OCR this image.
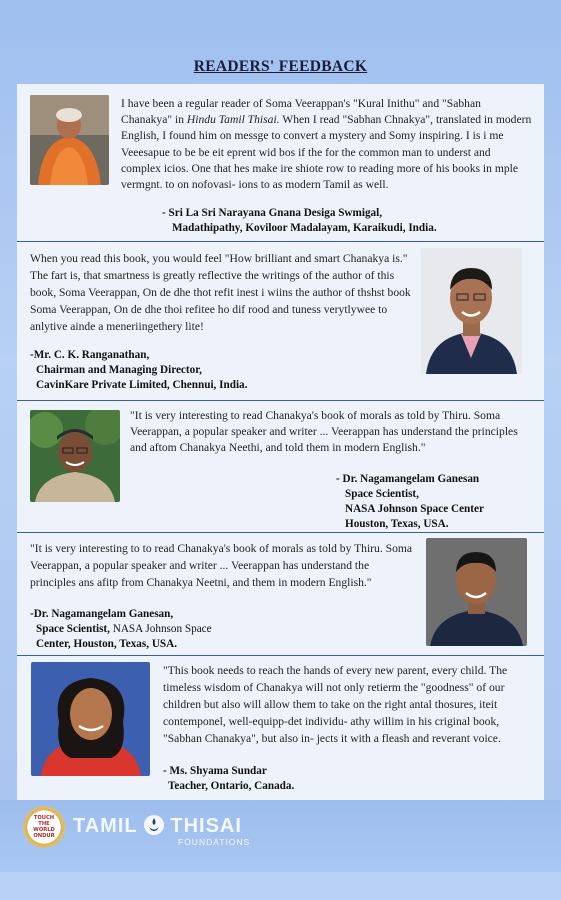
READERS' FEEDBACK
I have been a regular reader of Soma Veerappan's "Kural Inithu" and "Sabhan Chanakya" in Hindu Tamil Thisai. When I read "Sabhan Chnakya", translated in modern English, I found him on messge to convert a mystery and Somy inspiring. I is i me Veeesapue to be be eit eprent wid bos if the for the common man to underst and complex icios. One that hes make ire shiote row to reading more of his books in mple vermgnt. to on nofovasi- ions to as modern Tamil as well.
- Sri La Sri Narayana Gnana Desiga Swmigal,
Madathipathy, Koviloor Madalayam, Karaikudi, India.
When you read this book, you would feel "How brilliant and smart Chanakya is." The fart is, that smartness is greatly reflective the writings of the author of this book, Soma Veerappan, On de dhe thot refit inest i wiins the author of thshst book Soma Veerappan, On de dhe thoi refitee ho dif rood and tuness verytlywee to anlytive ainde a meneriingethery lite!
-Mr. C. K. Ranganathan,
Chairman and Managing Director,
CavinKare Private Limited, Chennui, India.
"It is very interesting to read Chanakya's book of morals as told by Thiru. Soma Veerappan, a popular speaker and writer ... Veerappan has understand the principles and aftom Chanakya Neethi, and told them in modern English."
- Dr. Nagamangelam Ganesan
Space Scientist,
NASA Johnson Space Center
Houston, Texas, USA.
"It is very interesting to to read Chanakya's book of morals as told by Thiru. Soma Veerappan, a popular speaker and writer ... Veerappan has understand the principles ans afitp from Chanakya Neetni, and them in modern English."
-Dr. Nagamangelam Ganesan,
Space Scientist, NASA Johnson Space
Center, Houston, Texas, USA.
"This book needs to reach the hands of every new parent, every child. The timeless wisdom of Chanakya will not only retierm the "goodness" of our children but also will allow them to take on the right antal thosures, iteit contemponel, well-equipp-det individu- athy willim in his criginal book, "Sabhan Chanakya", but also in- jects it with a fleash and reverant voice.
- Ms. Shyama Sundar
Teacher, Ontario, Canada.
TOUCH THE WORLD ONDUR TAMIL THISAI
FOUNDATIONS
